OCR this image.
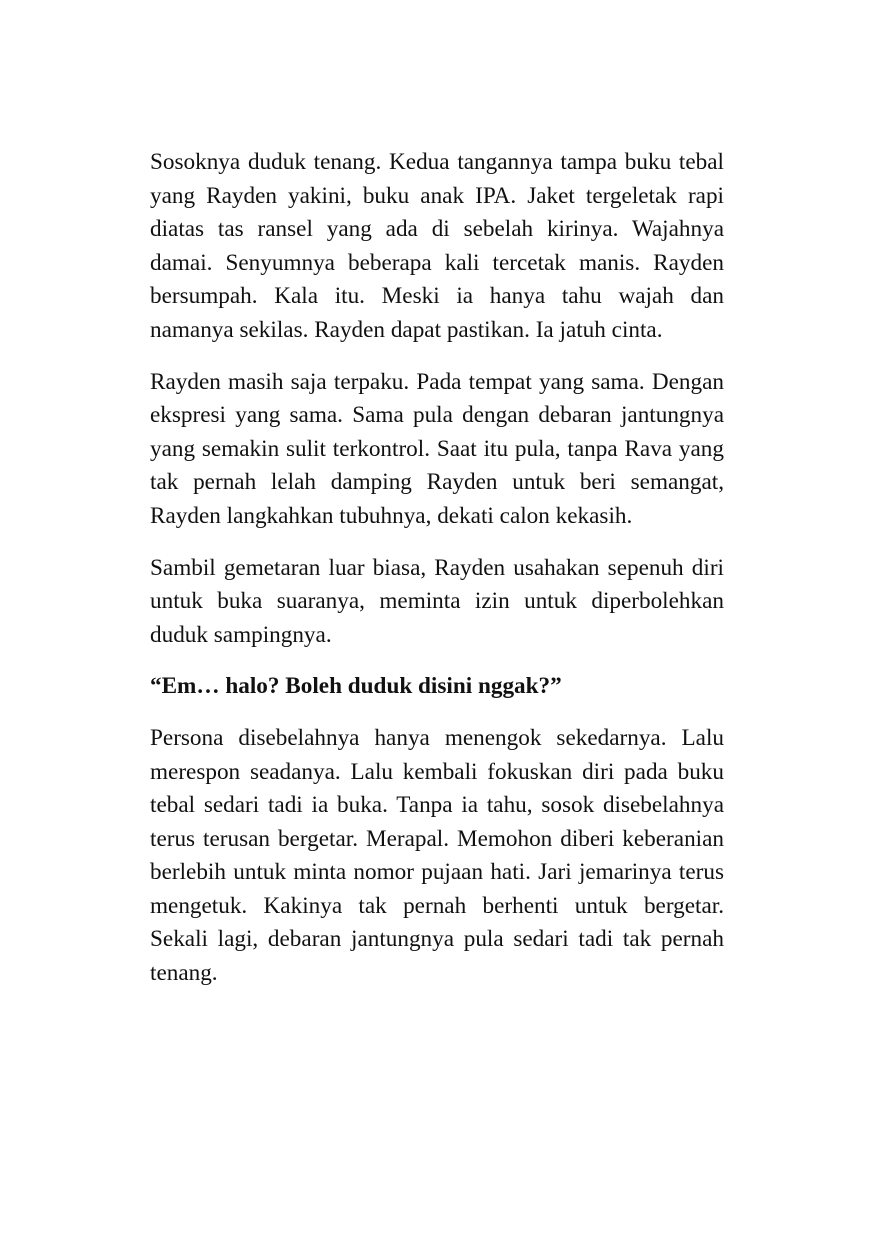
Sosoknya duduk tenang. Kedua tangannya tampa buku tebal yang Rayden yakini, buku anak IPA. Jaket tergeletak rapi diatas tas ransel yang ada di sebelah kirinya. Wajahnya damai. Senyumnya beberapa kali tercetak manis. Rayden bersumpah. Kala itu. Meski ia hanya tahu wajah dan namanya sekilas. Rayden dapat pastikan. Ia jatuh cinta.

Rayden masih saja terpaku. Pada tempat yang sama. Dengan ekspresi yang sama. Sama pula dengan debaran jantungnya yang semakin sulit terkontrol. Saat itu pula, tanpa Rava yang tak pernah lelah damping Rayden untuk beri semangat, Rayden langkahkan tubuhnya, dekati calon kekasih.

Sambil gemetaran luar biasa, Rayden usahakan sepenuh diri untuk buka suaranya, meminta izin untuk diperbolehkan duduk sampingnya.

“Em… halo? Boleh duduk disini nggak?”

Persona disebelahnya hanya menengok sekedarnya. Lalu merespon seadanya. Lalu kembali fokuskan diri pada buku tebal sedari tadi ia buka. Tanpa ia tahu, sosok disebelahnya terus terusan bergetar. Merapal. Memohon diberi keberanian berlebih untuk minta nomor pujaan hati. Jari jemarinya terus mengetuk. Kakinya tak pernah berhenti untuk bergetar. Sekali lagi, debaran jantungnya pula sedari tadi tak pernah tenang.
